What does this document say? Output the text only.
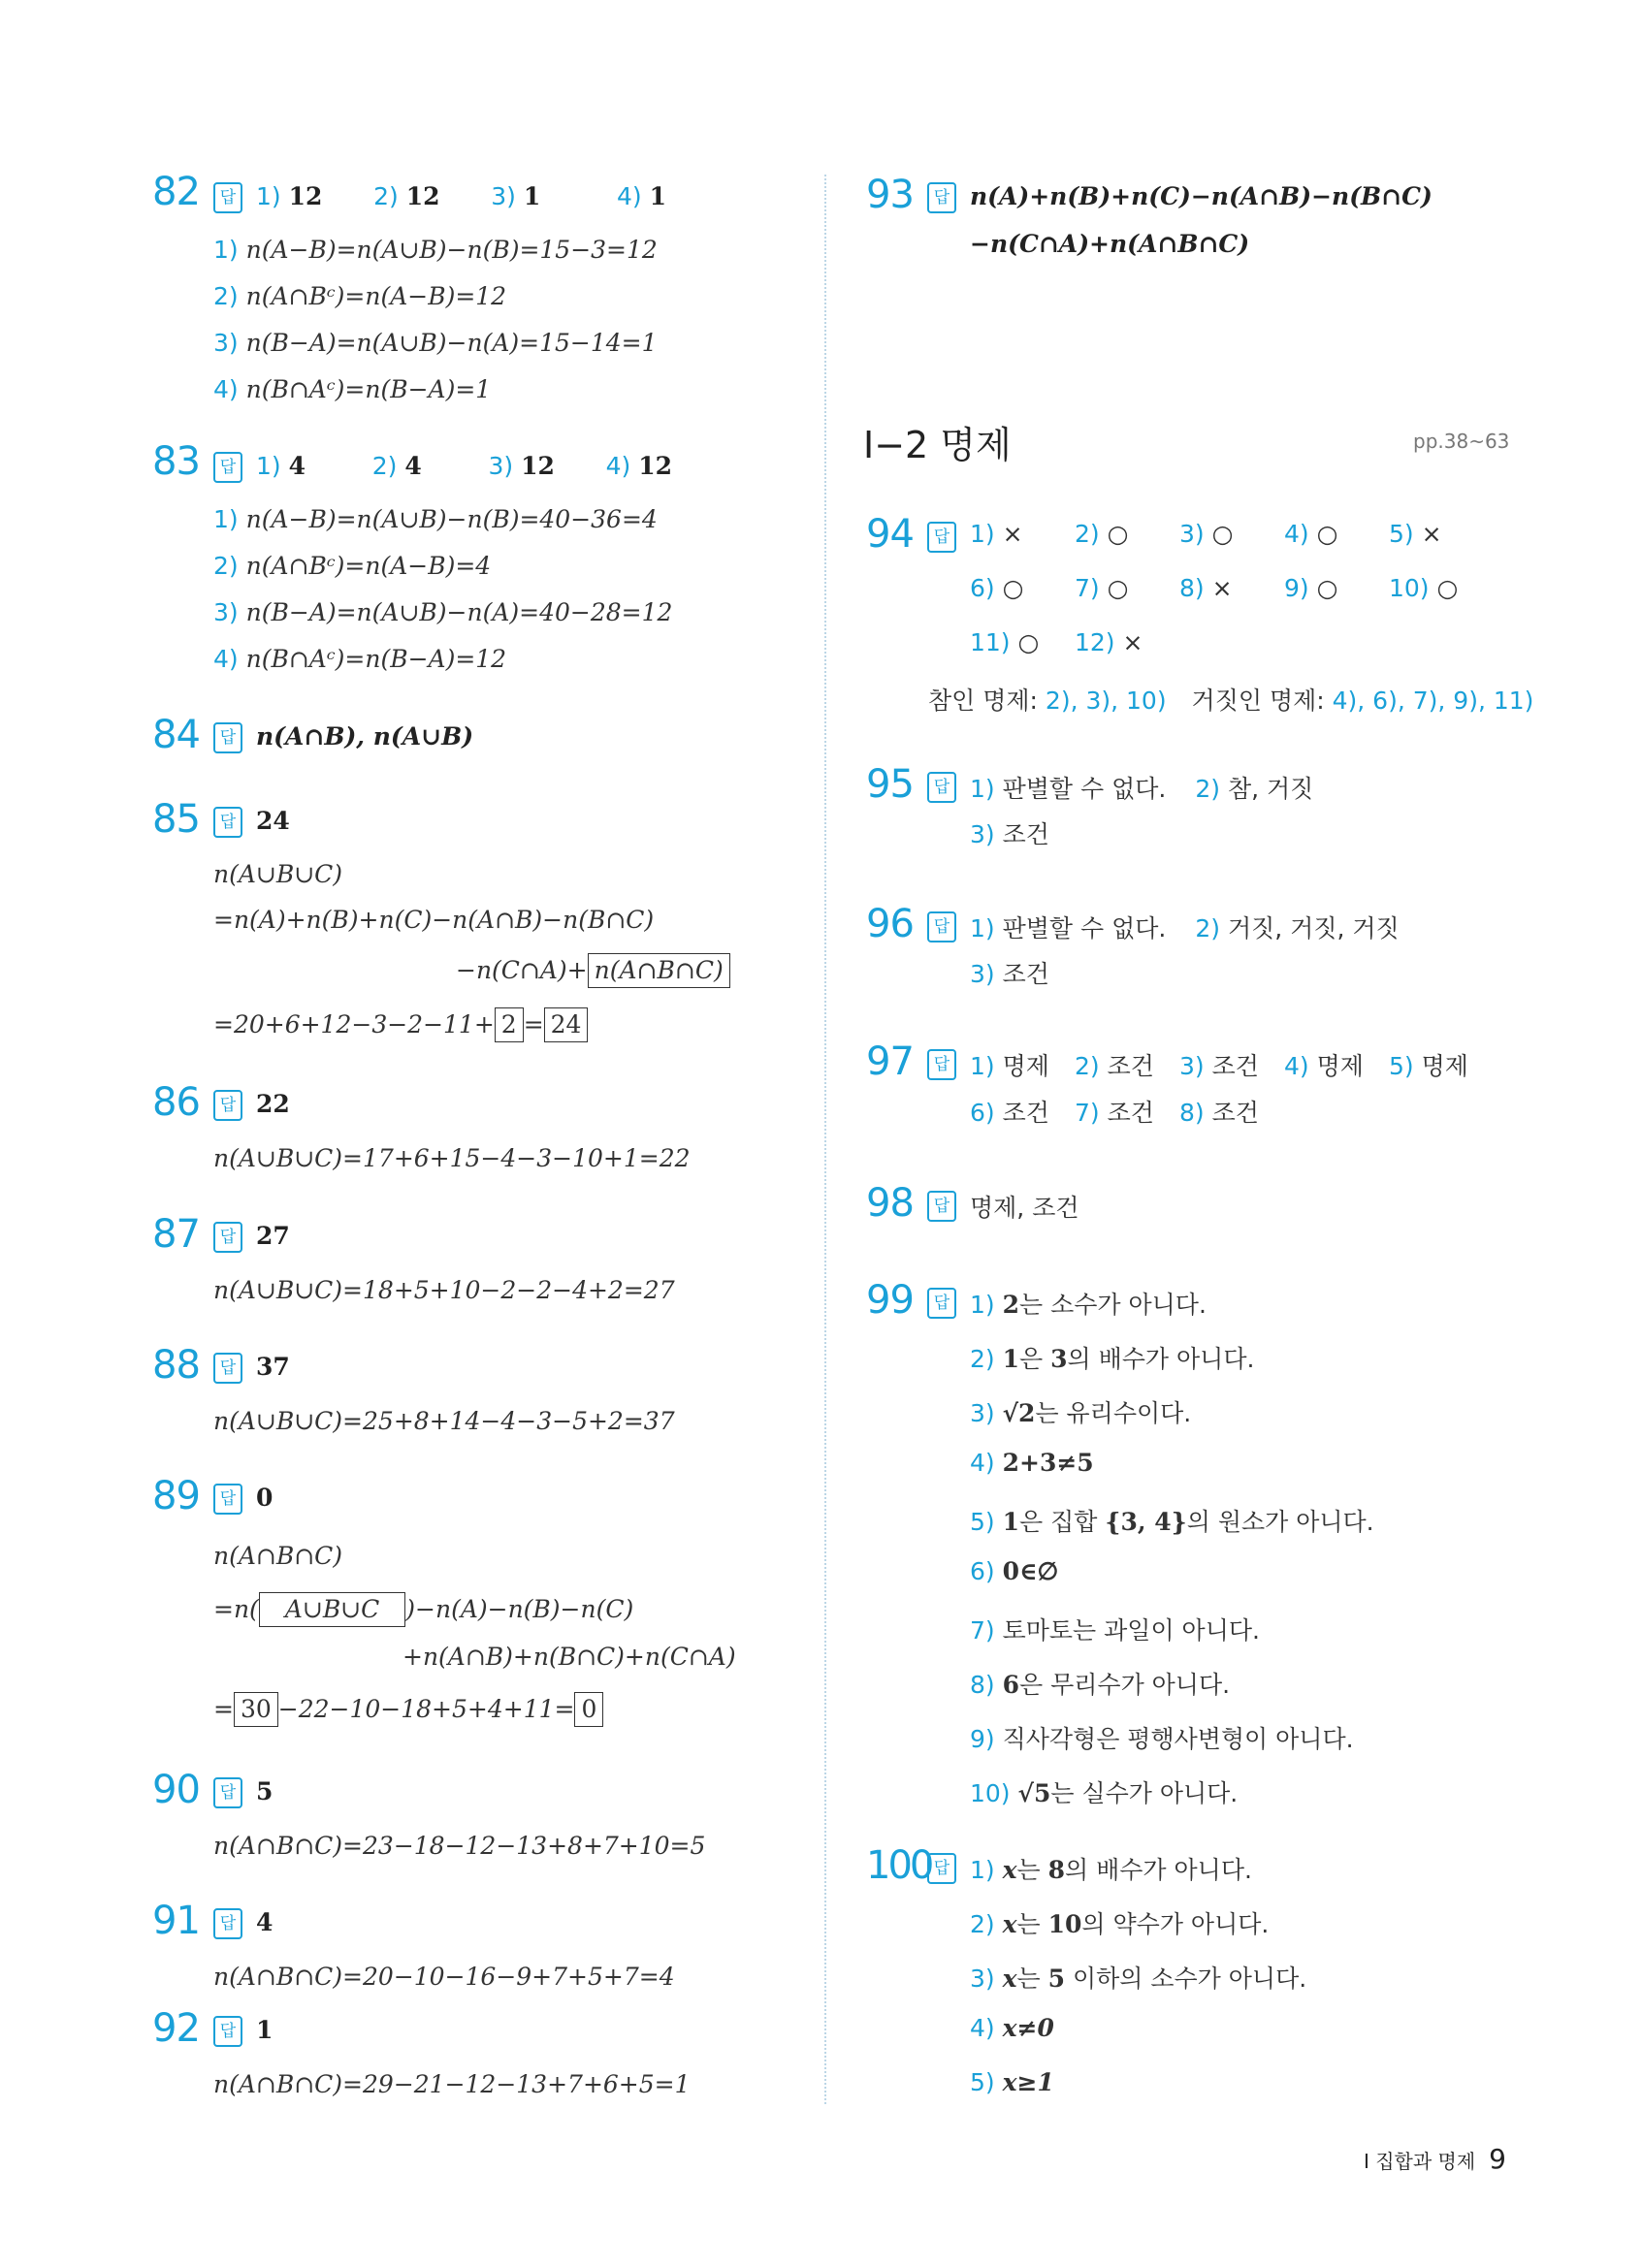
82	답 1) 12 2) 12 3) 1	4) 1
1) n(A−B)=n(A∪B)−n(B)=15−3=12
2) n(A∩Bᶜ)=n(A−B)=12
3) n(B−A)=n(A∪B)−n(A)=15−14=1
4) n(B∩Aᶜ)=n(B−A)=1
83	답 1) 4	2) 4	3) 12 4) 12
1) n(A−B)=n(A∪B)−n(B)=40−36=4
2) n(A∩Bᶜ)=n(A−B)=4
3) n(B−A)=n(A∪B)−n(A)=40−28=12
4) n(B∩Aᶜ)=n(B−A)=12
84	답 n(A∩B), n(A∪B)
85	답 24
n(A∪B∪C)
=n(A)+n(B)+n(C)−n(A∩B)−n(B∩C)
−n(C∩A)+ n(A∩B∩C)
=20+6+12−3−2−11+ 2 = 24
86	답 22
n(A∪B∪C)=17+6+15−4−3−10+1=22
87	답 27
n(A∪B∪C)=18+5+10−2−2−4+2=27
88	답 37
n(A∪B∪C)=25+8+14−4−3−5+2=37
89	답 0
n(A∩B∩C)
=n( A∪B∪C )−n(A)−n(B)−n(C)
+n(A∩B)+n(B∩C)+n(C∩A)
= 30 −22−10−18+5+4+11= 0
90	답 5
n(A∩B∩C)=23−18−12−13+8+7+10=5
91	답 4
n(A∩B∩C)=20−10−16−9+7+5+7=4
92	답 1
n(A∩B∩C)=29−21−12−13+7+6+5=1
93	답 n(A)+n(B)+n(C)−n(A∩B)−n(B∩C)
−n(C∩A)+n(A∩B∩C)
Ⅰ−2 명제	pp.38~63
94	답 1) × 2) ○ 3) ○ 4) ○ 5) ×
6) ○ 7) ○ 8) × 9) ○ 10) ○
11) ○ 12) ×
참인 명제: 2), 3), 10) 거짓인 명제: 4), 6), 7), 9), 11)
95	답 1) 판별할 수 없다. 2) 참, 거짓
3) 조건
96	답 1) 판별할 수 없다. 2) 거짓, 거짓, 거짓
3) 조건
97	답 1) 명제 2) 조건 3) 조건 4) 명제 5) 명제
6) 조건 7) 조건 8) 조건
98	답 명제, 조건
99	답 1) 2는 소수가 아니다.
2) 1은 3의 배수가 아니다.
3) √2는 유리수이다.
4) 2+3≠5
5) 1은 집합 {3, 4}의 원소가 아니다.
6) 0∈∅
7) 토마토는 과일이 아니다.
8) 6은 무리수가 아니다.
9) 직사각형은 평행사변형이 아니다.
10) √5는 실수가 아니다.
100 답 1) x는 8의 배수가 아니다.
2) x는 10의 약수가 아니다.
3) x는 5 이하의 소수가 아니다.
4) x≠0
5) x≥1
Ⅰ 집합과 명제 9
